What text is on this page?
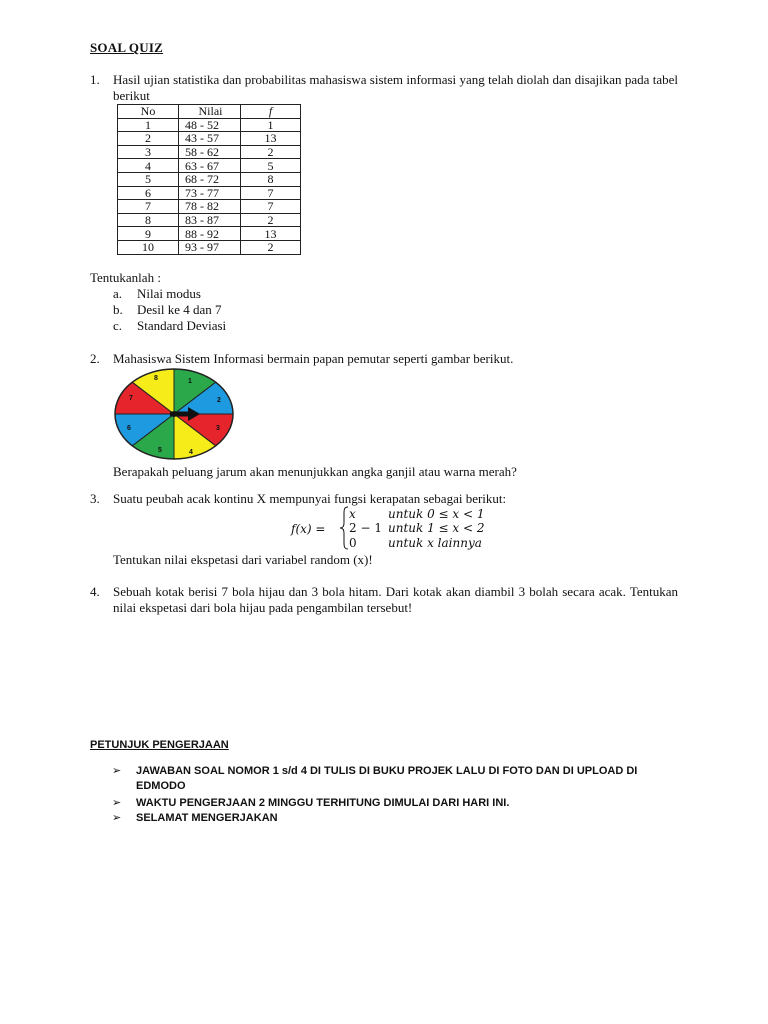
SOAL QUIZ
1. Hasil ujian statistika dan probabilitas mahasiswa sistem informasi yang telah diolah dan disajikan pada tabel berikut
No	Nilai	f
1	48 - 52	1
2	43 - 57	13
3	58 - 62	2
4	63 - 67	5
5	68 - 72	8
6	73 - 77	7
7	78 - 82	7
8	83 - 87	2
9	88 - 92	13
10	93 - 97	2
Tentukanlah :
a. Nilai modus
b. Desil ke 4 dan 7
c. Standard Deviasi
2. Mahasiswa Sistem Informasi bermain papan pemutar seperti gambar berikut.
1
2
3
4
5
6
7
8
Berapakah peluang jarum akan menunjukkan angka ganjil atau warna merah?
3. Suatu peubah acak kontinu X mempunyai fungsi kerapatan sebagai berikut:
f(x) =
x	untuk 0 ≤ x < 1
2 − 1 untuk 1 ≤ x < 2
0	untuk x lainnya
Tentukan nilai ekspetasi dari variabel random (x)!
4. Sebuah kotak berisi 7 bola hijau dan 3 bola hitam. Dari kotak akan diambil 3 bolah secara acak. Tentukan nilai ekspetasi dari bola hijau pada pengambilan tersebut!
PETUNJUK PENGERJAAN
➢ JAWABAN SOAL NOMOR 1 s/d 4 DI TULIS DI BUKU PROJEK LALU DI FOTO DAN DI UPLOAD DI EDMODO
➢ WAKTU PENGERJAAN 2 MINGGU TERHITUNG DIMULAI DARI HARI INI.
➢ SELAMAT MENGERJAKAN
